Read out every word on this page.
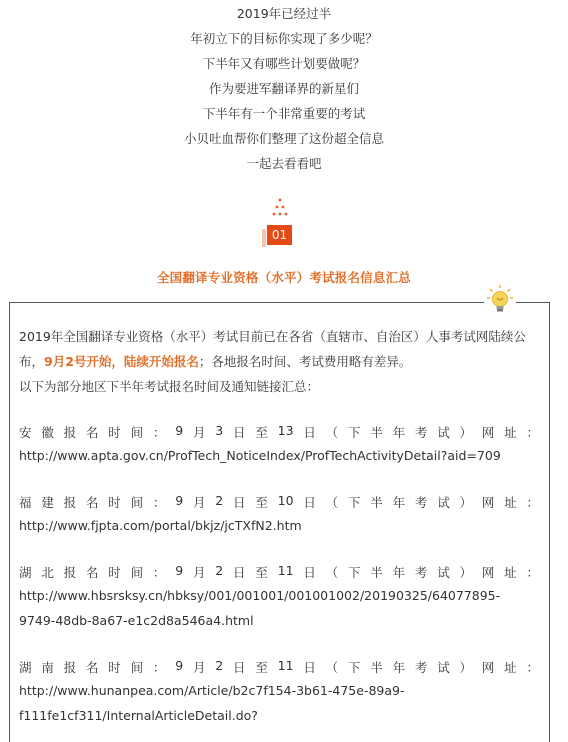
2019年已经过半

年初立下的目标你实现了多少呢？

下半年又有哪些计划要做呢？

作为要进军翻译界的新星们

下半年有一个非常重要的考试

小贝吐血帮你们整理了这份超全信息

一起去看看吧

01
全国翻译专业资格（水平）考试报名信息汇总
2019年全国翻译专业资格（水平）考试目前已在各省（直辖市、自治区）人事考试网陆续公
布，9月2号开始，陆续开始报名；各地报名时间、考试费用略有差异。
以下为部分地区下半年考试报名时间及通知链接汇总：
安 徽 报 名 时 间 ： 9 月 3 日 至 13 日 （ 下 半 年 考 试 ） 网 址 ：
http://www.apta.gov.cn/ProfTech_NoticeIndex/ProfTechActivityDetail?aid=709
福 建 报 名 时 间 ： 9 月 2 日 至 10 日 （ 下 半 年 考 试 ） 网 址 ：
http://www.fjpta.com/portal/bkjz/jcTXfN2.htm
湖 北 报 名 时 间 ： 9 月 2 日 至 11 日 （ 下 半 年 考 试 ） 网 址 ：
http://www.hbsrsksy.cn/hbksy/001/001001/001001002/20190325/64077895-
9749-48db-8a67-e1c2d8a546a4.html
湖 南 报 名 时 间 ： 9 月 2 日 至 11 日 （ 下 半 年 考 试 ） 网 址 ：
http://www.hunanpea.com/Article/b2c7f154-3b61-475e-89a9-
f111fe1cf311/InternalArticleDetail.do?
